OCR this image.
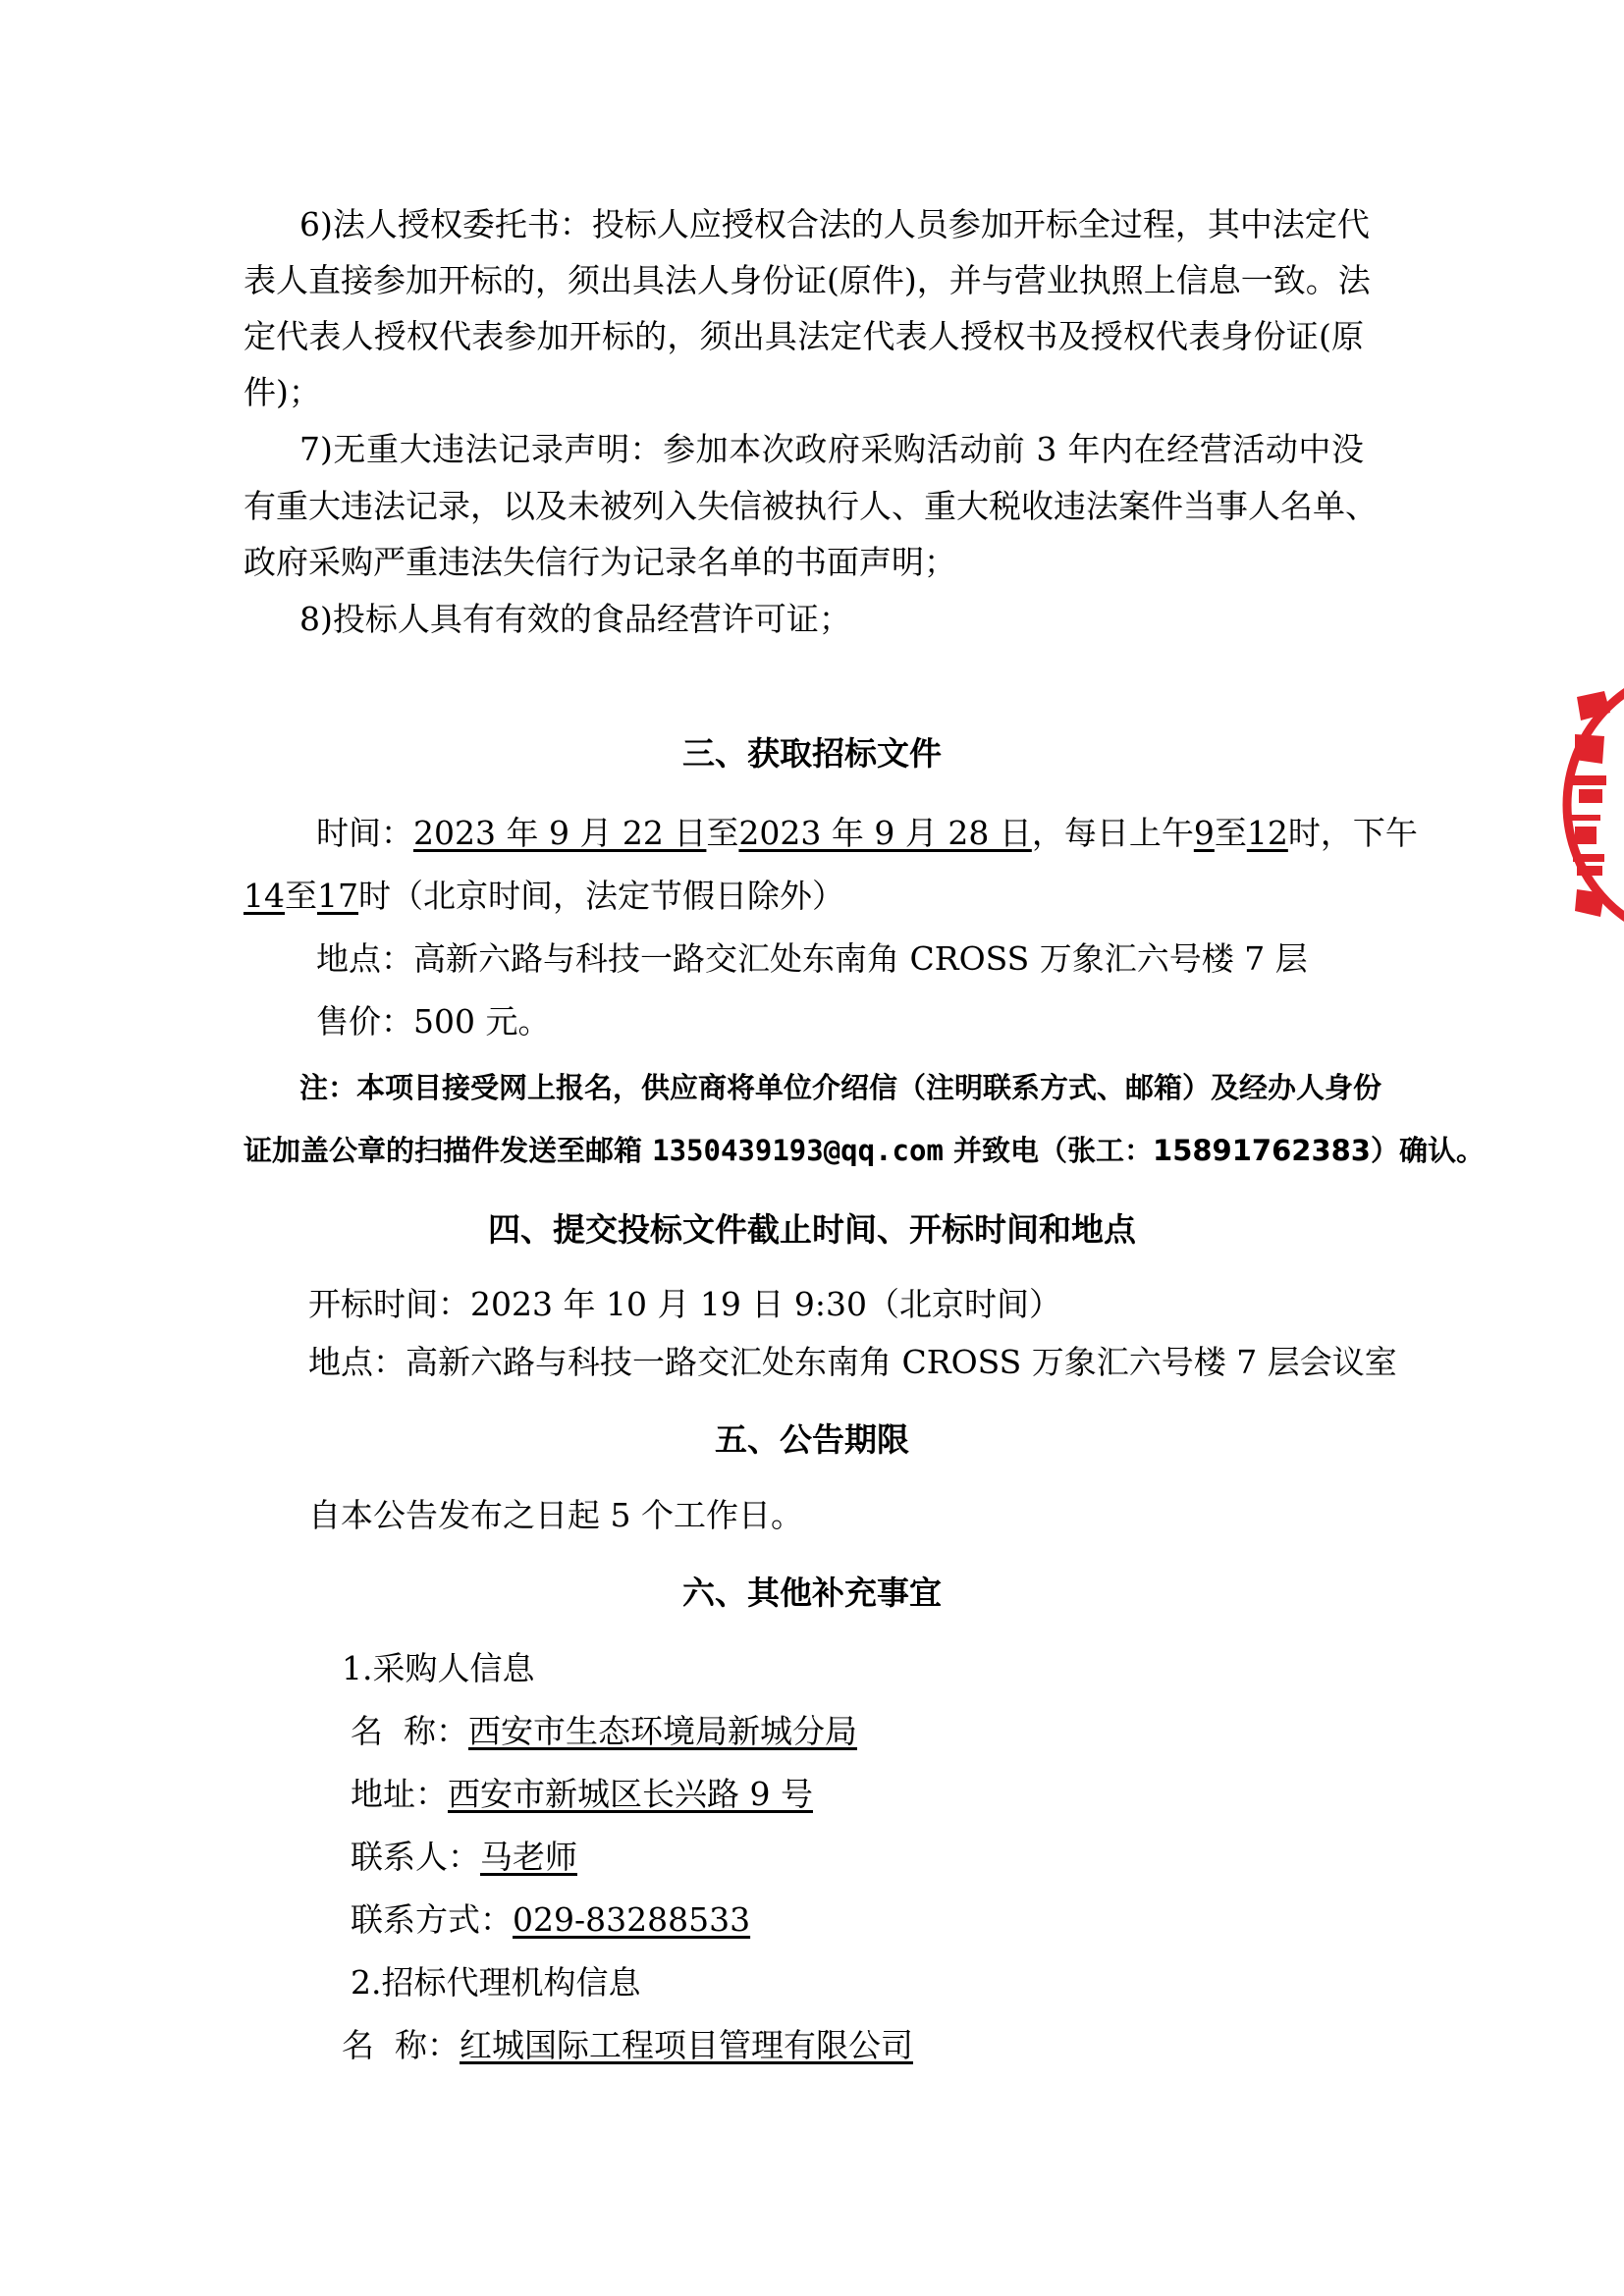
6)法人授权委托书：投标人应授权合法的人员参加开标全过程，其中法定代
表人直接参加开标的，须出具法人身份证(原件)，并与营业执照上信息一致。法
定代表人授权代表参加开标的，须出具法定代表人授权书及授权代表身份证(原
件)；
7)无重大违法记录声明：参加本次政府采购活动前 3 年内在经营活动中没
有重大违法记录，以及未被列入失信被执行人、重大税收违法案件当事人名单、
政府采购严重违法失信行为记录名单的书面声明；
8)投标人具有有效的食品经营许可证；
三、获取招标文件
时间：2023 年 9 月 22 日至2023 年 9 月 28 日，每日上午9至12时，下午
14至17时（北京时间，法定节假日除外）
地点：高新六路与科技一路交汇处东南角 CROSS 万象汇六号楼 7 层
售价：500 元。
注：本项目接受网上报名，供应商将单位介绍信（注明联系方式、邮箱）及经办人身份
证加盖公章的扫描件发送至邮箱 1350439193@qq.com 并致电（张工：15891762383）确认。
四、提交投标文件截止时间、开标时间和地点
开标时间：2023 年 10 月 19 日 9:30（北京时间）
地点：高新六路与科技一路交汇处东南角 CROSS 万象汇六号楼 7 层会议室
五、公告期限
自本公告发布之日起 5 个工作日。
六、其他补充事宜
1.采购人信息
名  称：西安市生态环境局新城分局
地址：西安市新城区长兴路 9 号
联系人：马老师
联系方式：029-83288533
2.招标代理机构信息
名  称：红城国际工程项目管理有限公司
